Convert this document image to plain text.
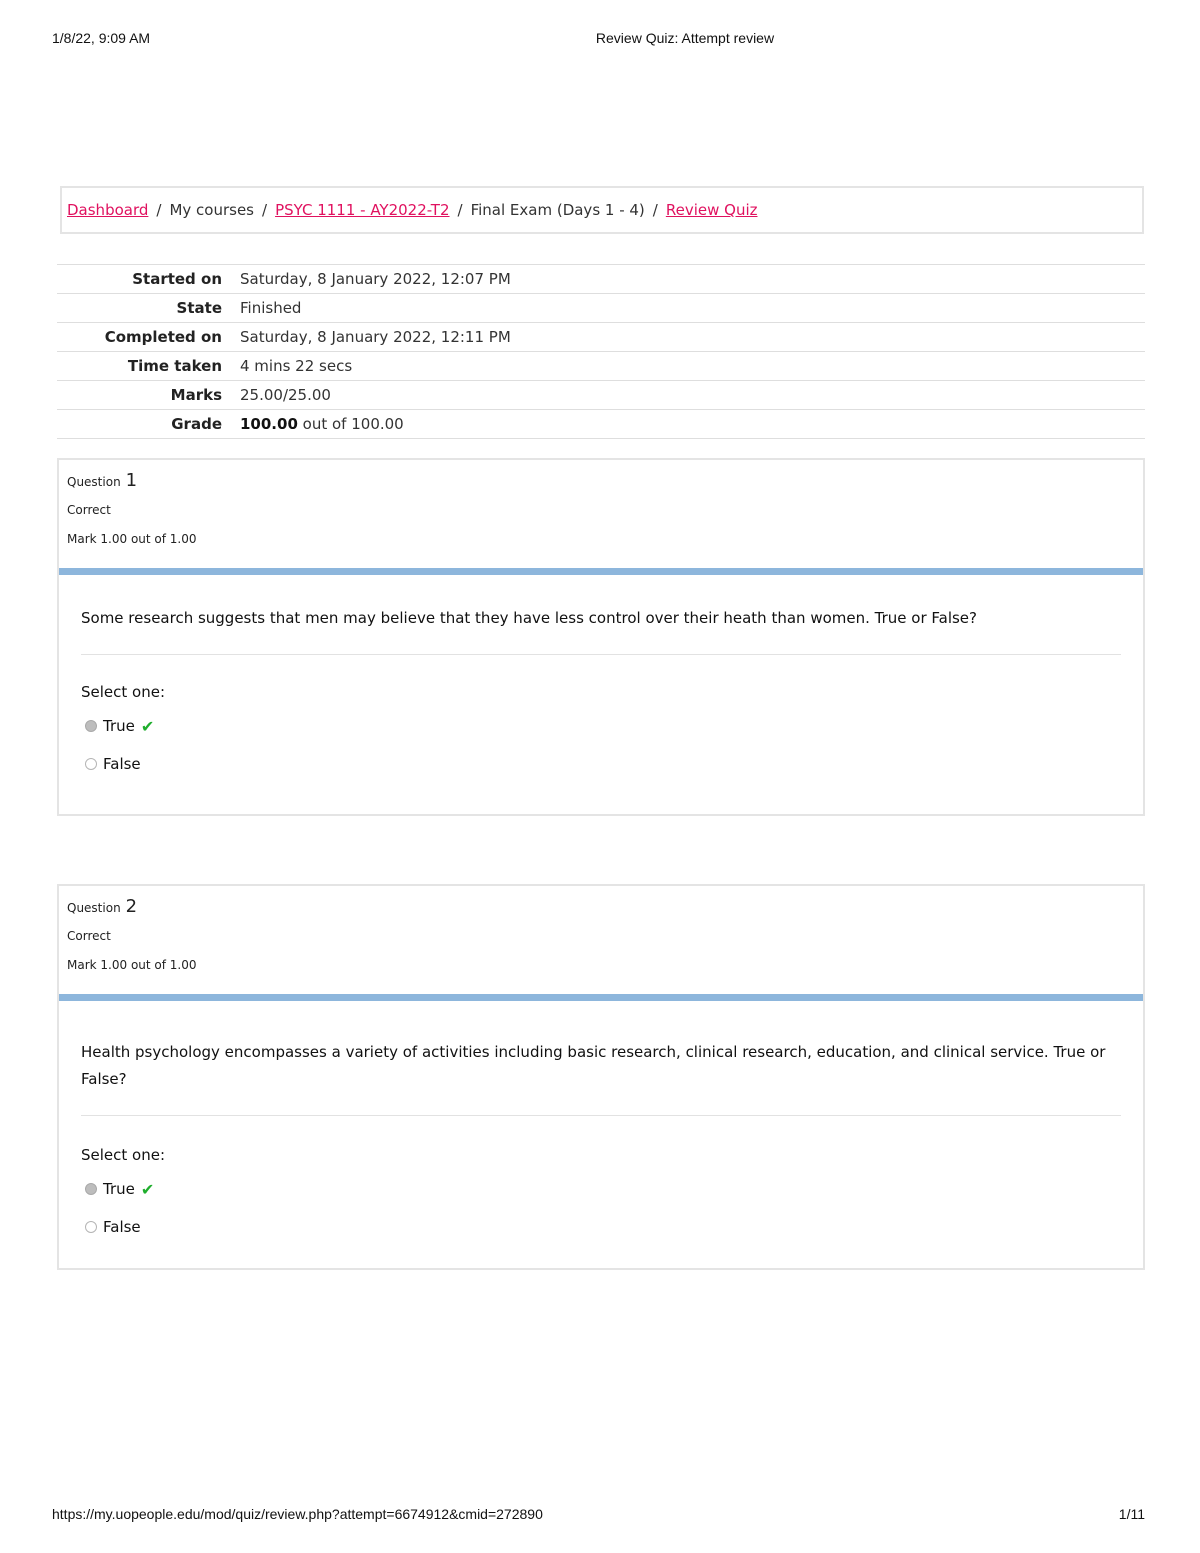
1/8/22, 9:09 AM	Review Quiz: Attempt review
Dashboard / My courses / PSYC 1111 - AY2022-T2 / Final Exam (Days 1 - 4) / Review Quiz
Started on	Saturday, 8 January 2022, 12:07 PM
State	Finished
Completed on	Saturday, 8 January 2022, 12:11 PM
Time taken	4 mins 22 secs
Marks	25.00/25.00
Grade	100.00 out of 100.00
Question 1
Correct
Mark 1.00 out of 1.00
Some research suggests that men may believe that they have less control over their heath than women. True or False?
Select one:
True ✔
False
Question 2
Correct
Mark 1.00 out of 1.00
Health psychology encompasses a variety of activities including basic research, clinical research, education, and clinical service. True or False?
Select one:
True ✔
False
https://my.uopeople.edu/mod/quiz/review.php?attempt=6674912&cmid=272890	1/11
